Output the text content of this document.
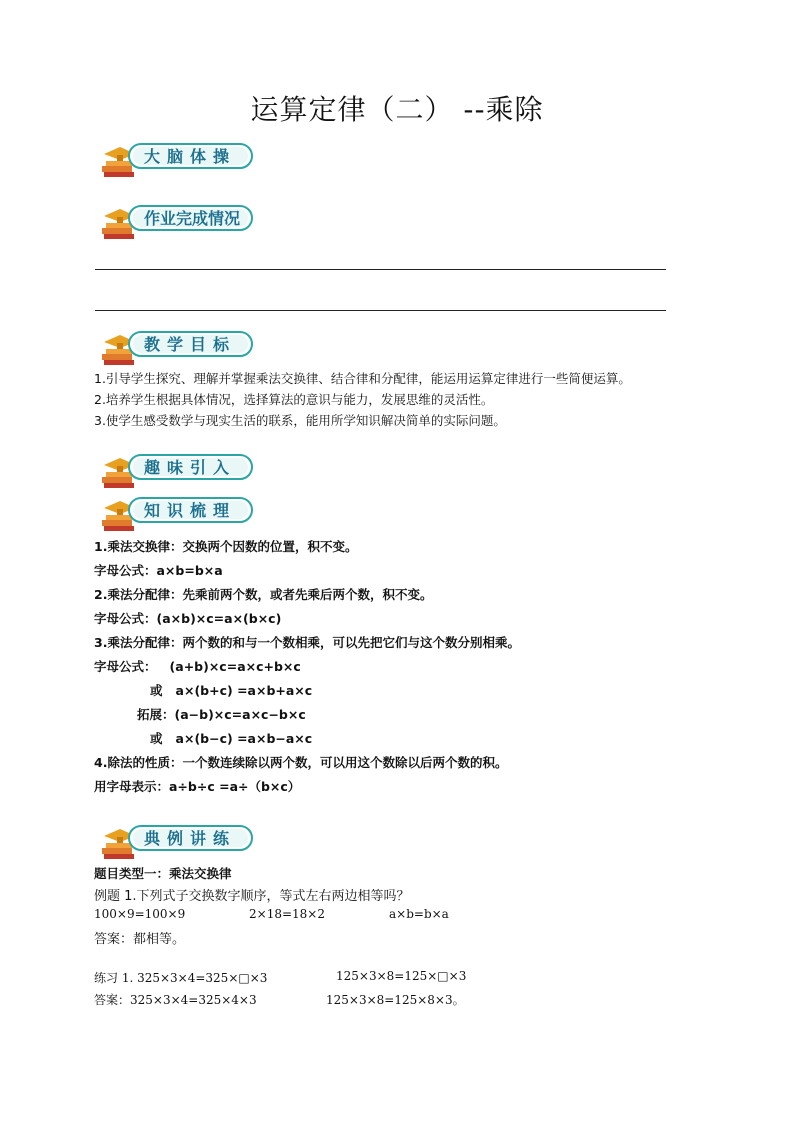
运算定律（二） --乘除
大脑体操
作业完成情况
教学目标
1.引导学生探究、理解并掌握乘法交换律、结合律和分配律，能运用运算定律进行一些简便运算。
2.培养学生根据具体情况，选择算法的意识与能力，发展思维的灵活性。
3.使学生感受数学与现实生活的联系，能用所学知识解决简单的实际问题。
趣味引入
知识梳理
1.乘法交换律：交换两个因数的位置，积不变。
字母公式：a×b=b×a
2.乘法分配律：先乘前两个数，或者先乘后两个数，积不变。
字母公式：(a×b)×c=a×(b×c)
3.乘法分配律：两个数的和与一个数相乘，可以先把它们与这个数分别相乘。
字母公式：   (a+b)×c=a×c+b×c
或   a×(b+c) =a×b+a×c
拓展：(a−b)×c=a×c−b×c
或   a×(b−c) =a×b−a×c
4.除法的性质：一个数连续除以两个数，可以用这个数除以后两个数的积。
用字母表示：a÷b÷c =a÷（b×c）
典例讲练
题目类型一：乘法交换律
例题 1.下列式子交换数字顺序，等式左右两边相等吗？
100×9=100×9	2×18=18×2	a×b=b×a
答案：都相等。
练习 1. 325×3×4=325×□×3	125×3×8=125×□×3
答案：325×3×4=325×4×3	125×3×8=125×8×3。
